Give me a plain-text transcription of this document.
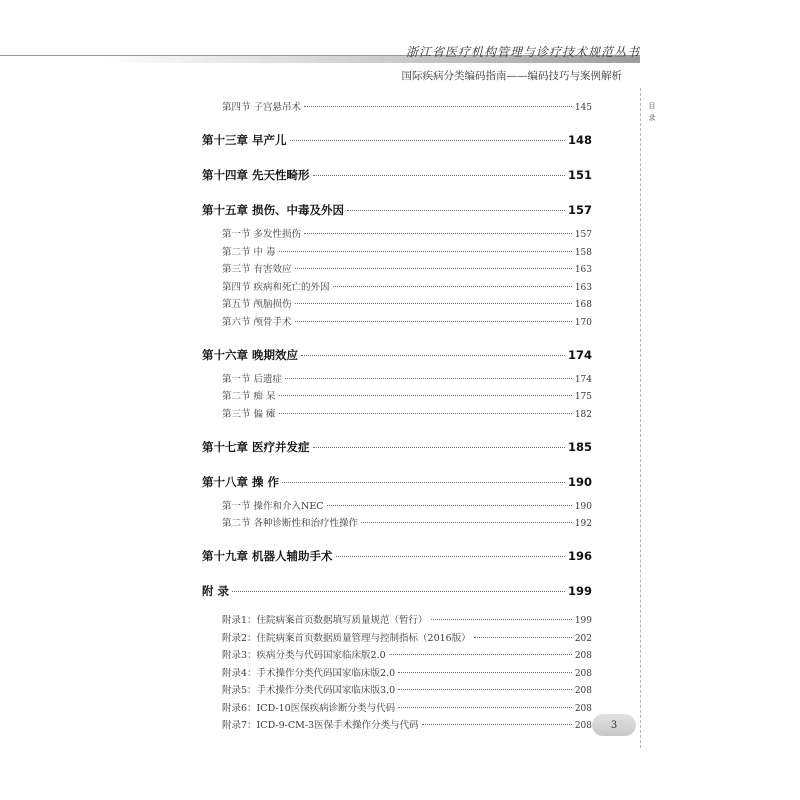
浙江省医疗机构管理与诊疗技术规范丛书
国际疾病分类编码指南——编码技巧与案例解析
目 录
第四节 子宫悬吊术	145
第十三章 早产儿	148
第十四章 先天性畸形	151
第十五章 损伤、中毒及外因	157
第一节 多发性损伤	157
第二节 中 毒	158
第三节 有害效应	163
第四节 疾病和死亡的外因	163
第五节 颅脑损伤	168
第六节 颅骨手术	170
第十六章 晚期效应	174
第一节 后遗症	174
第二节 痴 呆	175
第三节 偏 瘫	182
第十七章 医疗并发症	185
第十八章 操 作	190
第一节 操作和介入NEC	190
第二节 各种诊断性和治疗性操作	192
第十九章 机器人辅助手术	196
附 录	199
附录1：住院病案首页数据填写质量规范（暂行）	199
附录2：住院病案首页数据质量管理与控制指标（2016版）	202
附录3：疾病分类与代码国家临床版2.0	208
附录4：手术操作分类代码国家临床版2.0	208
附录5：手术操作分类代码国家临床版3.0	208
附录6：ICD-10医保疾病诊断分类与代码	208
附录7：ICD-9-CM-3医保手术操作分类与代码	208 3
